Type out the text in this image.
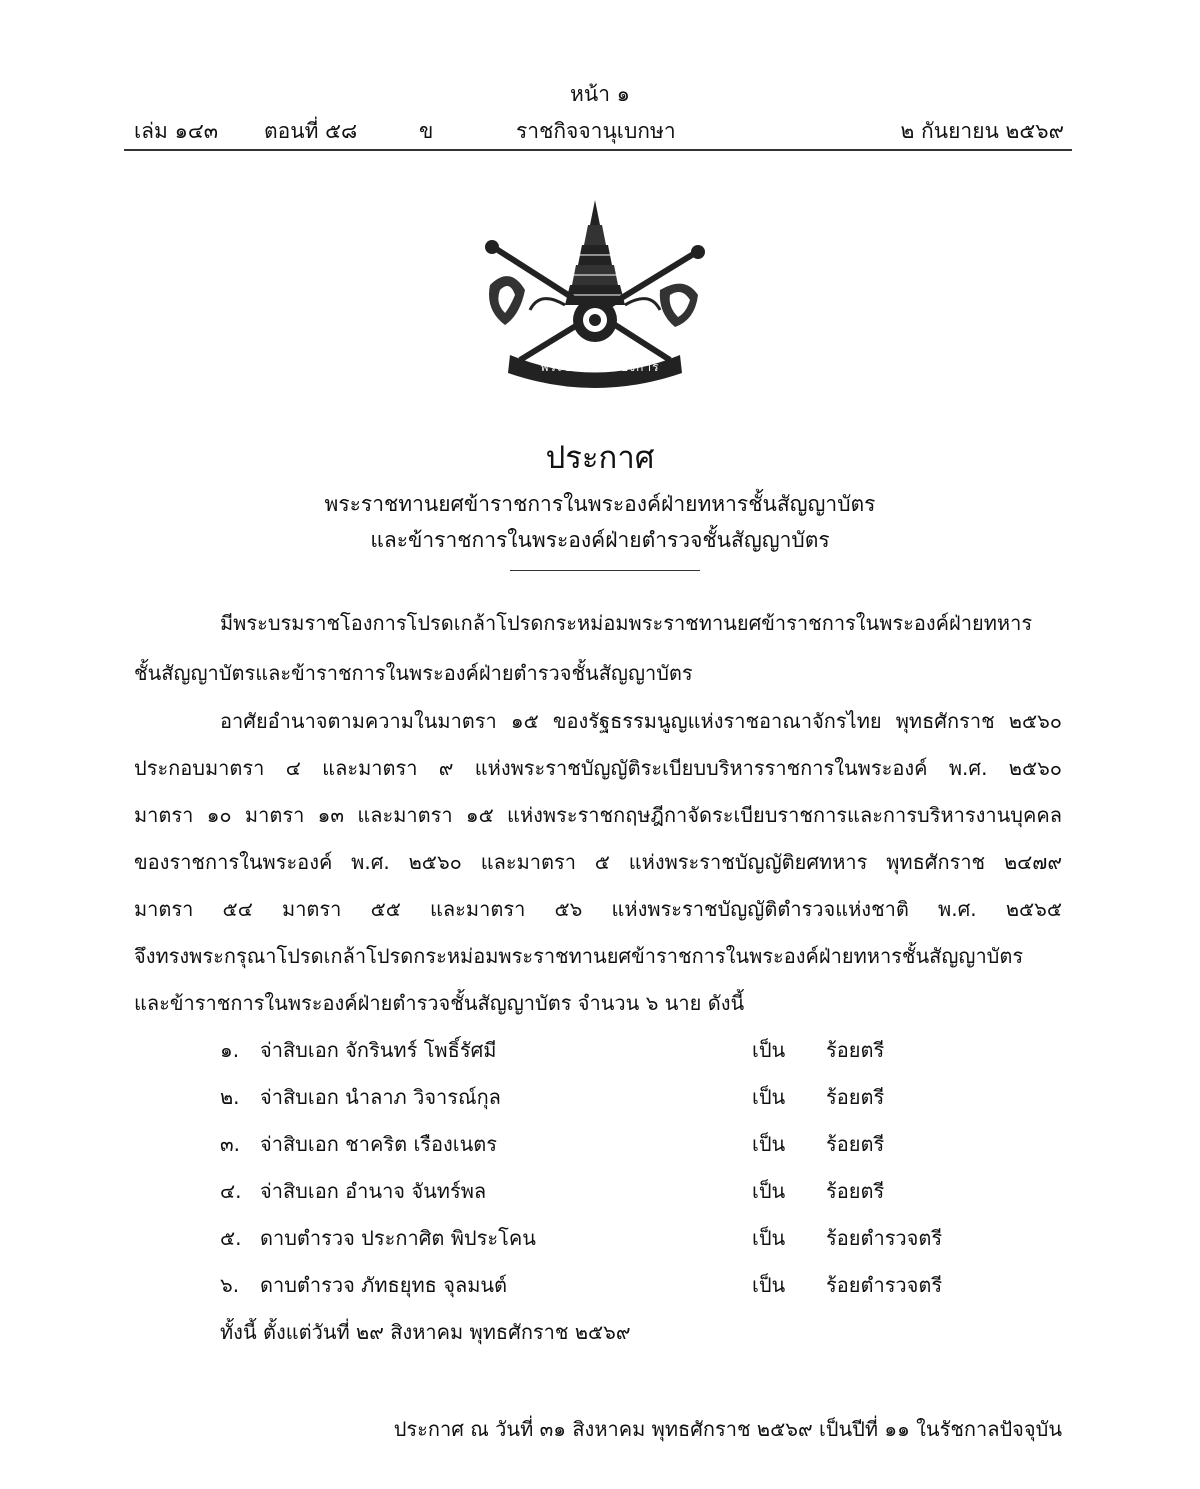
หน้า ๑
เล่ม ๑๔๓ ตอนที่ ๕๘	ข	ราชกิจจานุเบกษา	๒ กันยายน ๒๕๖๙
พระบรมราชโองการ
ประกาศ
พระราชทานยศข้าราชการในพระองค์ฝ่ายทหารชั้นสัญญาบัตร
และข้าราชการในพระองค์ฝ่ายตำรวจชั้นสัญญาบัตร
มีพระบรมราชโองการโปรดเกล้าโปรดกระหม่อมพระราชทานยศข้าราชการในพระองค์ฝ่ายทหาร
ชั้นสัญญาบัตรและข้าราชการในพระองค์ฝ่ายตำรวจชั้นสัญญาบัตร
อาศัยอำนาจตามความในมาตรา ๑๕ ของรัฐธรรมนูญแห่งราชอาณาจักรไทย พุทธศักราช ๒๕๖๐
ประกอบมาตรา ๔ และมาตรา ๙ แห่งพระราชบัญญัติระเบียบบริหารราชการในพระองค์ พ.ศ. ๒๕๖๐
มาตรา ๑๐ มาตรา ๑๓ และมาตรา ๑๕ แห่งพระราชกฤษฎีกาจัดระเบียบราชการและการบริหารงานบุคคล
ของราชการในพระองค์ พ.ศ. ๒๕๖๐ และมาตรา ๕ แห่งพระราชบัญญัติยศทหาร พุทธศักราช ๒๔๗๙
มาตรา ๕๔ มาตรา ๕๕ และมาตรา ๕๖ แห่งพระราชบัญญัติตำรวจแห่งชาติ พ.ศ. ๒๕๖๕
จึงทรงพระกรุณาโปรดเกล้าโปรดกระหม่อมพระราชทานยศข้าราชการในพระองค์ฝ่ายทหารชั้นสัญญาบัตร
และข้าราชการในพระองค์ฝ่ายตำรวจชั้นสัญญาบัตร จำนวน ๖ นาย ดังนี้
๑. จ่าสิบเอก จักรินทร์ โพธิ์รัศมี	เป็น ร้อยตรี
๒. จ่าสิบเอก นำลาภ วิจารณ์กุล	เป็น ร้อยตรี
๓. จ่าสิบเอก ชาคริต เรืองเนตร	เป็น ร้อยตรี
๔. จ่าสิบเอก อำนาจ จันทร์พล	เป็น ร้อยตรี
๕. ดาบตำรวจ ประกาศิต พิประโคน	เป็น ร้อยตำรวจตรี
๖. ดาบตำรวจ ภัทธยุทธ จุลมนต์	เป็น ร้อยตำรวจตรี
ทั้งนี้ ตั้งแต่วันที่ ๒๙ สิงหาคม พุทธศักราช ๒๕๖๙
ประกาศ ณ วันที่ ๓๑ สิงหาคม พุทธศักราช ๒๕๖๙ เป็นปีที่ ๑๑ ในรัชกาลปัจจุบัน
